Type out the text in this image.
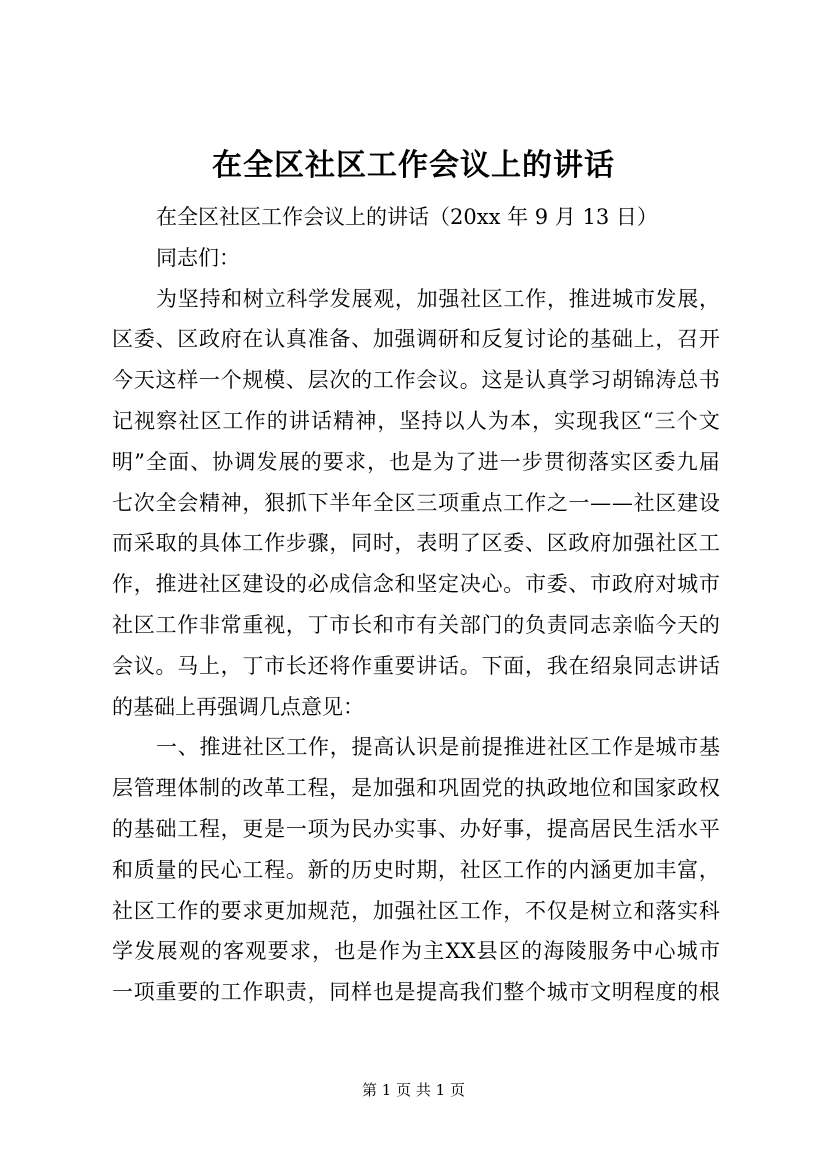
在全区社区工作会议上的讲话
在全区社区工作会议上的讲话（20xx 年 9 月 13 日）
同志们：
为 坚 持 和 树 立 科 学 发 展 观 ， 加 强 社 区 工 作 ， 推 进 城 市 发 展 ，
区 委 、 区 政 府 在 认 真 准 备 、 加 强 调 研 和 反 复 讨 论 的 基 础 上 ， 召 开
今 天 这 样 一 个 规 模 、 层 次 的 工 作 会 议 。 这 是 认 真 学 习 胡 锦 涛 总 书
记 视 察 社 区 工 作 的 讲 话 精 神 ， 坚 持 以 人 为 本 ， 实 现 我 区 “ 三 个 文
明 ” 全 面 、 协 调 发 展 的 要 求 ， 也 是 为 了 进 一 步 贯 彻 落 实 区 委 九 届
七 次 全 会 精 神 ， 狠 抓 下 半 年 全 区 三 项 重 点 工 作 之 一 — — 社 区 建 设
而 采 取 的 具 体 工 作 步 骤 ， 同 时 ， 表 明 了 区 委 、 区 政 府 加 强 社 区 工
作 ， 推 进 社 区 建 设 的 必 成 信 念 和 坚 定 决 心 。 市 委 、 市 政 府 对 城 市
社 区 工 作 非 常 重 视 ， 丁 市 长 和 市 有 关 部 门 的 负 责 同 志 亲 临 今 天 的
会 议 。 马 上 ， 丁 市 长 还 将 作 重 要 讲 话 。 下 面 ， 我 在 绍 泉 同 志 讲 话
的基础上再强调几点意见：
一 、 推 进 社 区 工 作 ， 提 高 认 识 是 前 提 推 进 社 区 工 作 是 城 市 基
层 管 理 体 制 的 改 革 工 程 ， 是 加 强 和 巩 固 党 的 执 政 地 位 和 国 家 政 权
的 基 础 工 程 ， 更 是 一 项 为 民 办 实 事 、 办 好 事 ， 提 高 居 民 生 活 水 平
和 质 量 的 民 心 工 程 。 新 的 历 史 时 期 ， 社 区 工 作 的 内 涵 更 加 丰 富 ，
社 区 工 作 的 要 求 更 加 规 范 ， 加 强 社 区 工 作 ， 不 仅 是 树 立 和 落 实 科
学 发 展 观 的 客 观 要 求 ， 也 是 作 为 主 XX 县 区 的 海 陵 服 务 中 心 城 市
一 项 重 要 的 工 作 职 责 ， 同 样 也 是 提 高 我 们 整 个 城 市 文 明 程 度 的 根
第 1 页 共 1 页
